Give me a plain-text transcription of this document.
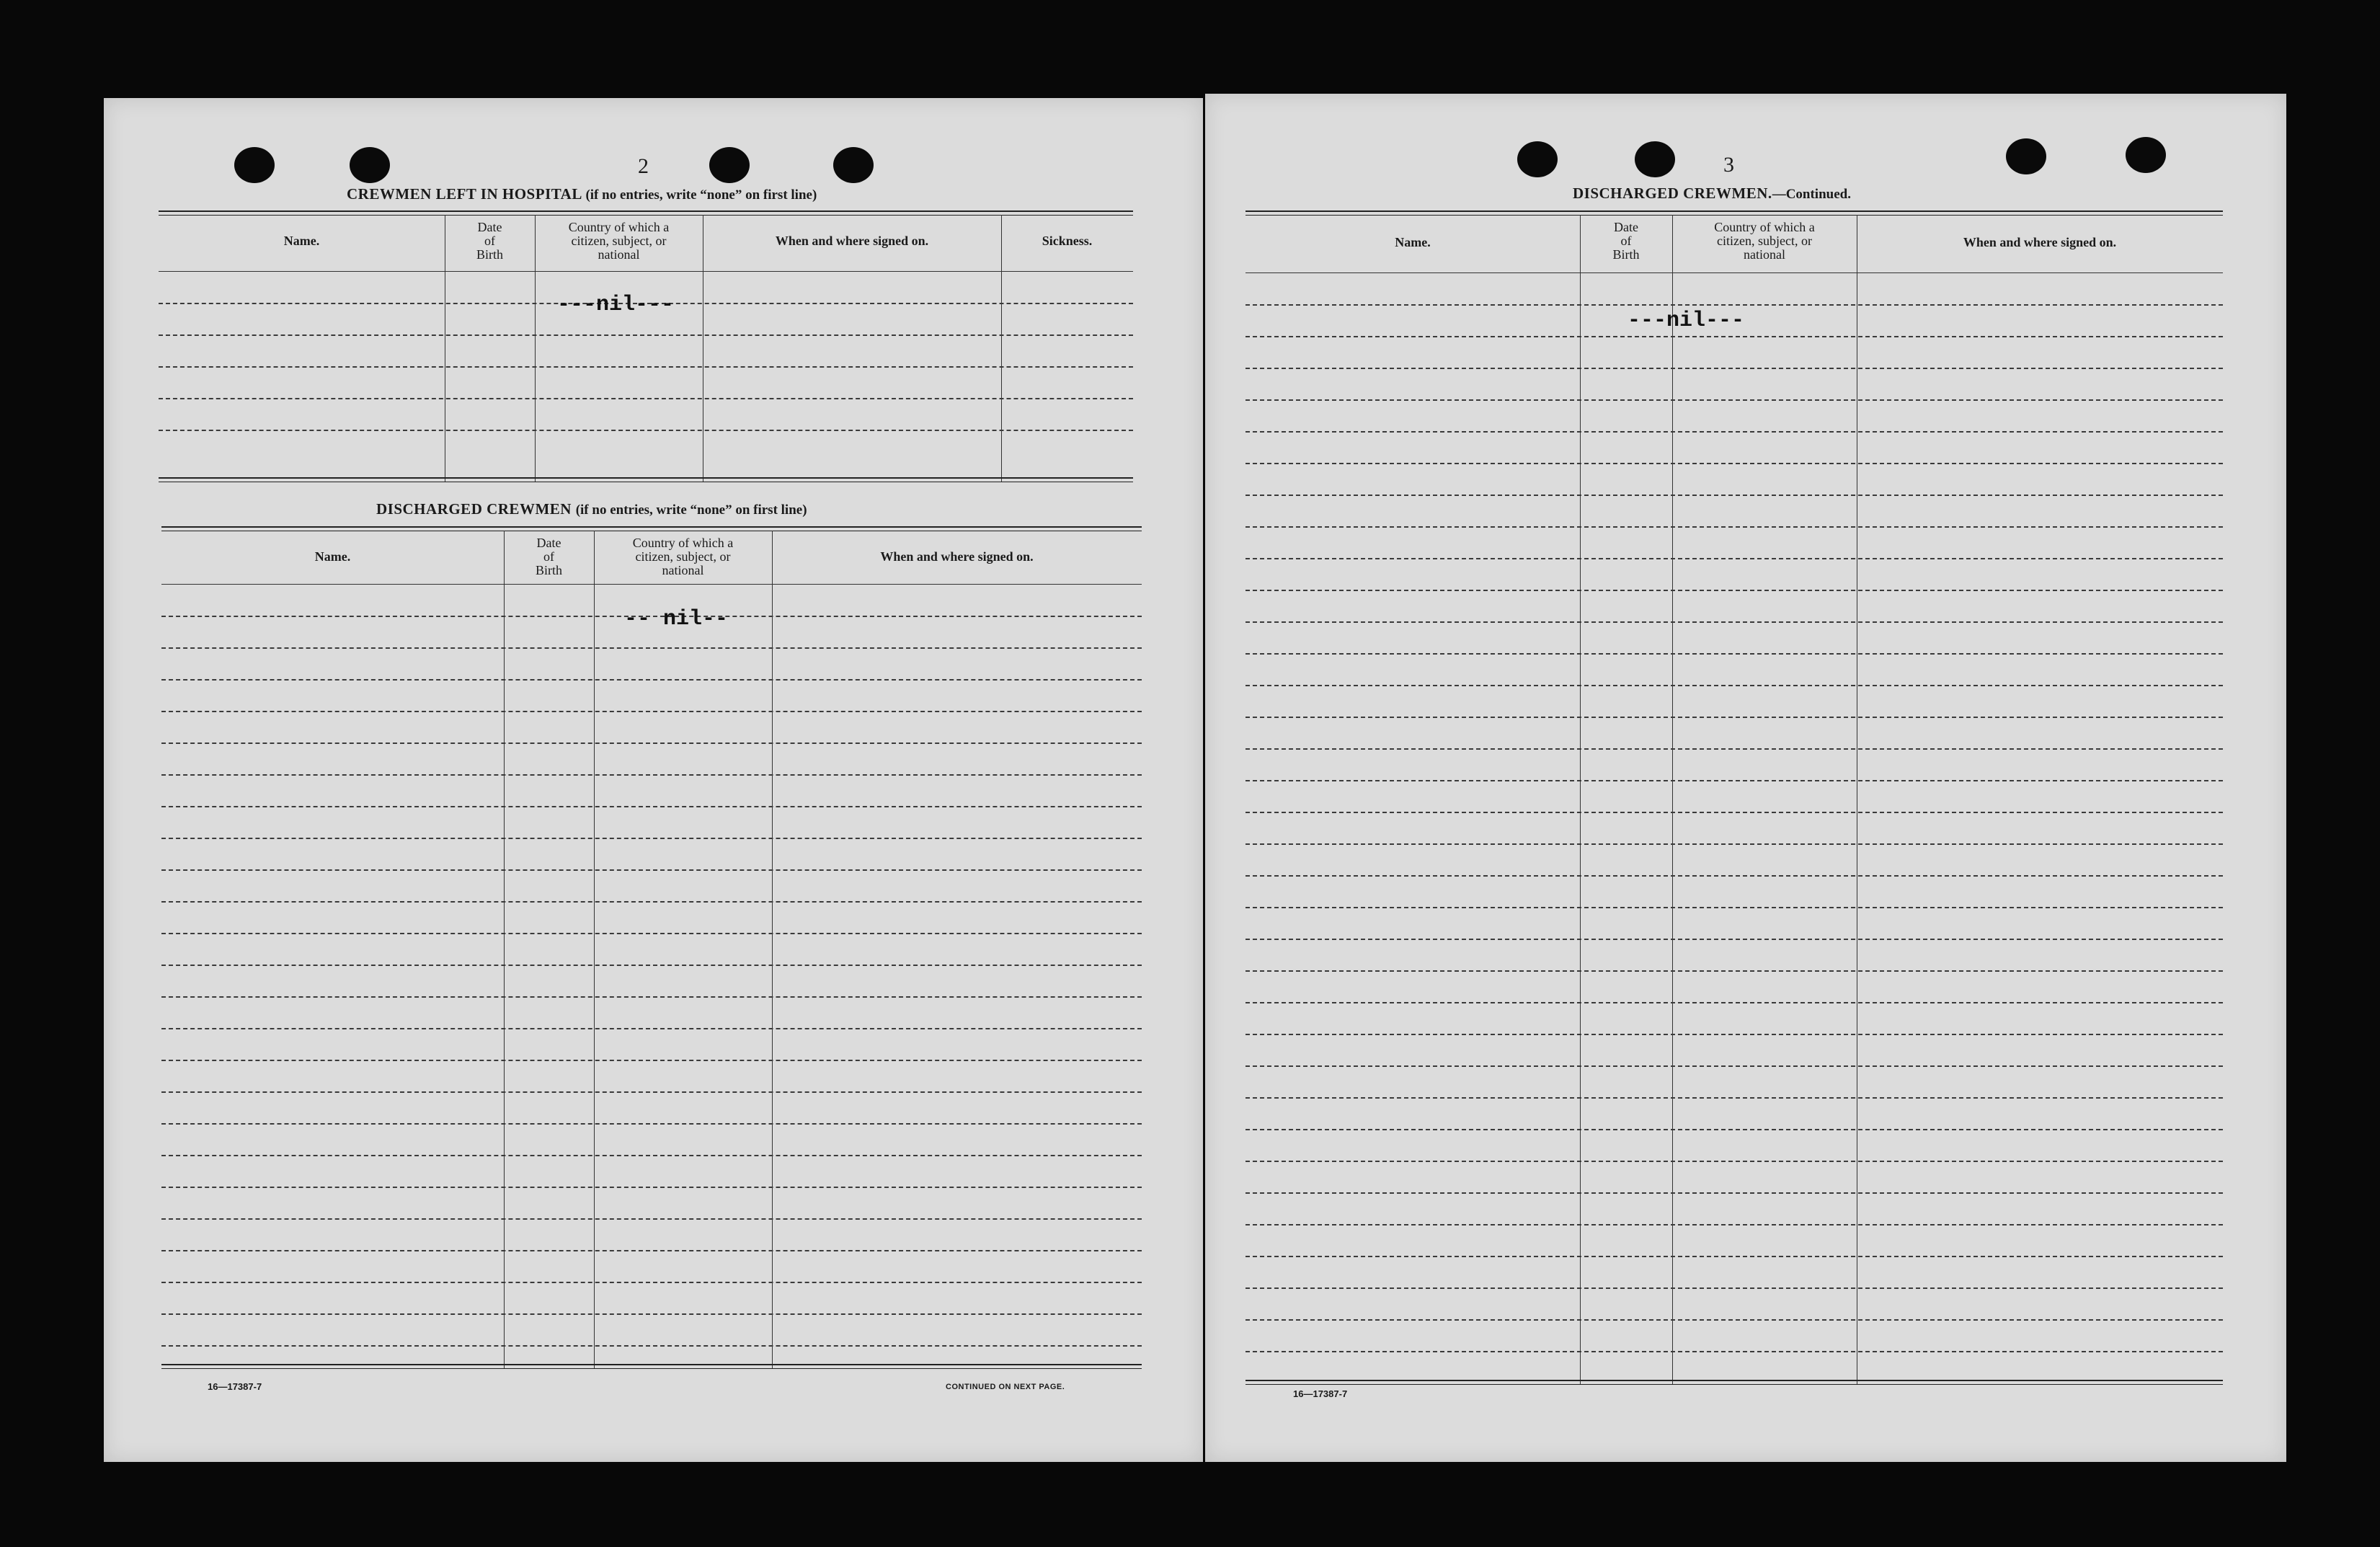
2
CREWMEN LEFT IN HOSPITAL (if no entries, write “none” on first line)
Name.
Date
of
Birth
Country of which a
citizen, subject, or
national
When and where signed on.	Sickness.
---nil---
DISCHARGED CREWMEN (if no entries, write “none” on first line)
Name.
Date
of
Birth
Country of which a
citizen, subject, or
national
When and where signed on.
-- nil--
16—17387-7	CONTINUED ON NEXT PAGE.
3
DISCHARGED CREWMEN.—Continued.
Name.
Date
of
Birth
Country of which a
citizen, subject, or
national
When and where signed on.
---nil---
16—17387-7
